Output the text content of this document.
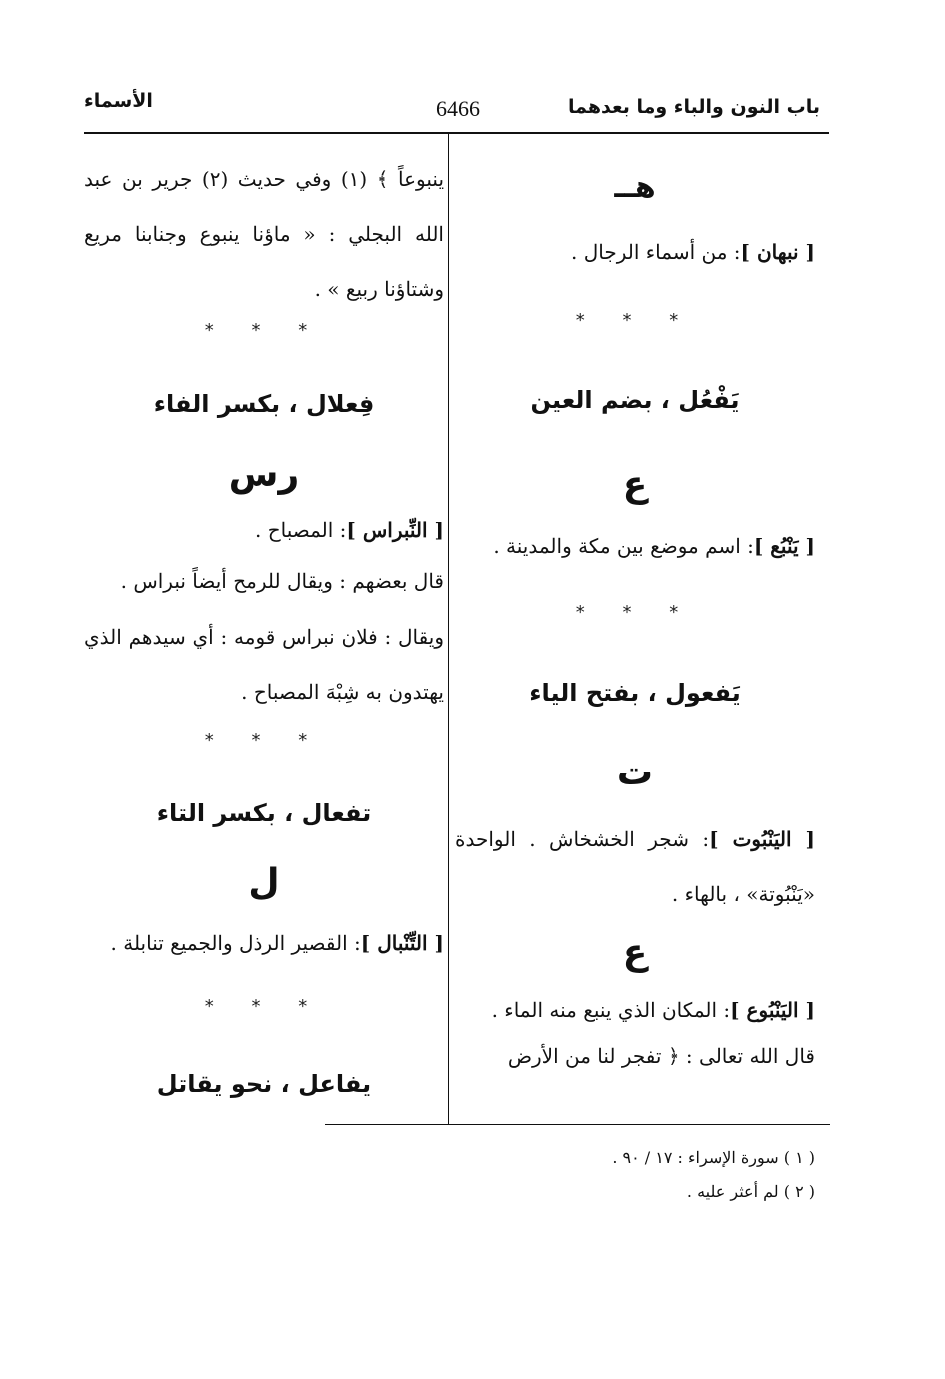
باب النون والباء وما بعدهما
6466
الأسماء
هــ
[ نبهان ]: من أسماء الرجال .
* * *
يَفْعُل ، بضم العين
ع
[ يَنْبُع ]: اسم موضع بين مكة والمدينة .
* * *
يَفعول ، بفتح الياء
ت
[ اليَنْبُوت ]: شجر الخشخاش . الواحدة «يَنْبُوتة» ، بالهاء .
ع
[ اليَنْبُوع ]: المكان الذي ينبع منه الماء .
قال الله تعالى : ﴿ تفجر لنا من الأرض
ينبوعاً ﴾ (١) وفي حديث (٢) جرير بن عبد الله البجلي : « ماؤنا ينبوع وجنابنا مريع وشتاؤنا ربيع » .
* * *
فِعلال ، بكسر الفاء
رس
[ النِّبراس ]: المصباح .
قال بعضهم : ويقال للرمح أيضاً نبراس .
ويقال : فلان نبراس قومه : أي سيدهم الذي يهتدون به شِبْهَ المصباح .
* * *
تفعال ، بكسر التاء
ل
[ التِّنْبال ]: القصير الرذل والجميع تنابلة .
* * *
يفاعل ، نحو يقاتل
( ١ ) سورة الإسراء : ١٧ / ٩٠ .
( ٢ ) لم أعثر عليه .
